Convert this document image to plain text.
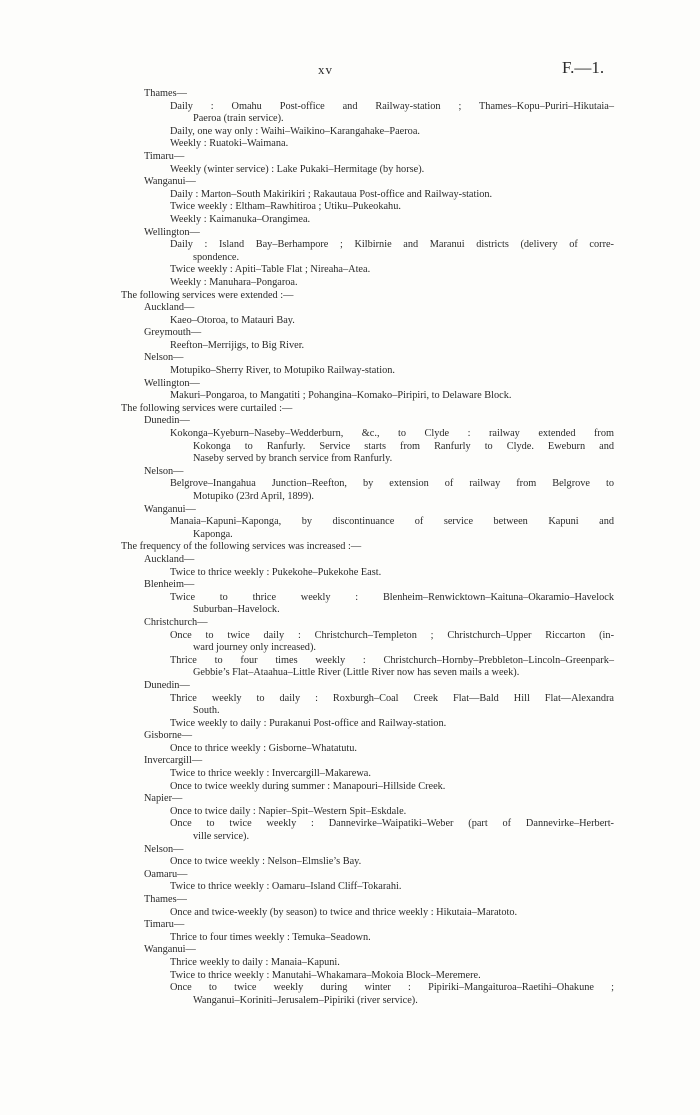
xv	F.—1.
Thames—
Daily : Omahu Post-office and Railway-station ; Thames–Kopu–Puriri–Hikutaia–
Paeroa (train service).
Daily, one way only : Waihi–Waikino–Karangahake–Paeroa.
Weekly : Ruatoki–Waimana.
Timaru—
Weekly (winter service) : Lake Pukaki–Hermitage (by horse).
Wanganui—
Daily : Marton–South Makirikiri ; Rakautaua Post-office and Railway-station.
Twice weekly : Eltham–Rawhitiroa ; Utiku–Pukeokahu.
Weekly : Kaimanuka–Orangimea.
Wellington—
Daily : Island Bay–Berhampore ; Kilbirnie and Maranui districts (delivery of corre-
spondence.
Twice weekly : Apiti–Table Flat ; Nireaha–Atea.
Weekly : Manuhara–Pongaroa.
The following services were extended :—
Auckland—
Kaeo–Otoroa, to Matauri Bay.
Greymouth—
Reefton–Merrijigs, to Big River.
Nelson—
Motupiko–Sherry River, to Motupiko Railway-station.
Wellington—
Makuri–Pongaroa, to Mangatiti ; Pohangina–Komako–Piripiri, to Delaware Block.
The following services were curtailed :—
Dunedin—
Kokonga–Kyeburn–Naseby–Wedderburn, &c., to Clyde : railway extended from
Kokonga to Ranfurly. Service starts from Ranfurly to Clyde. Eweburn and
Naseby served by branch service from Ranfurly.
Nelson—
Belgrove–Inangahua Junction–Reefton, by extension of railway from Belgrove to
Motupiko (23rd April, 1899).
Wanganui—
Manaia–Kapuni–Kaponga, by discontinuance of service between Kapuni and
Kaponga.
The frequency of the following services was increased :—
Auckland—
Twice to thrice weekly : Pukekohe–Pukekohe East.
Blenheim—
Twice to thrice weekly : Blenheim–Renwicktown–Kaituna–Okaramio–Havelock
Suburban–Havelock.
Christchurch—
Once to twice daily : Christchurch–Templeton ; Christchurch–Upper Riccarton (in-
ward journey only increased).
Thrice to four times weekly : Christchurch–Hornby–Prebbleton–Lincoln–Greenpark–
Gebbie’s Flat–Ataahua–Little River (Little River now has seven mails a week).
Dunedin—
Thrice weekly to daily : Roxburgh–Coal Creek Flat—Bald Hill Flat—Alexandra
South.
Twice weekly to daily : Purakanui Post-office and Railway-station.
Gisborne—
Once to thrice weekly : Gisborne–Whatatutu.
Invercargill—
Twice to thrice weekly : Invercargill–Makarewa.
Once to twice weekly during summer : Manapouri–Hillside Creek.
Napier—
Once to twice daily : Napier–Spit–Western Spit–Eskdale.
Once to twice weekly : Dannevirke–Waipatiki–Weber (part of Dannevirke–Herbert-
ville service).
Nelson—
Once to twice weekly : Nelson–Elmslie’s Bay.
Oamaru—
Twice to thrice weekly : Oamaru–Island Cliff–Tokarahi.
Thames—
Once and twice-weekly (by season) to twice and thrice weekly : Hikutaia–Maratoto.
Timaru—
Thrice to four times weekly : Temuka–Seadown.
Wanganui—
Thrice weekly to daily : Manaia–Kapuni.
Twice to thrice weekly : Manutahi–Whakamara–Mokoia Block–Meremere.
Once to twice weekly during winter : Pipiriki–Mangaituroa–Raetihi–Ohakune ;
Wanganui–Koriniti–Jerusalem–Pipiriki (river service).
